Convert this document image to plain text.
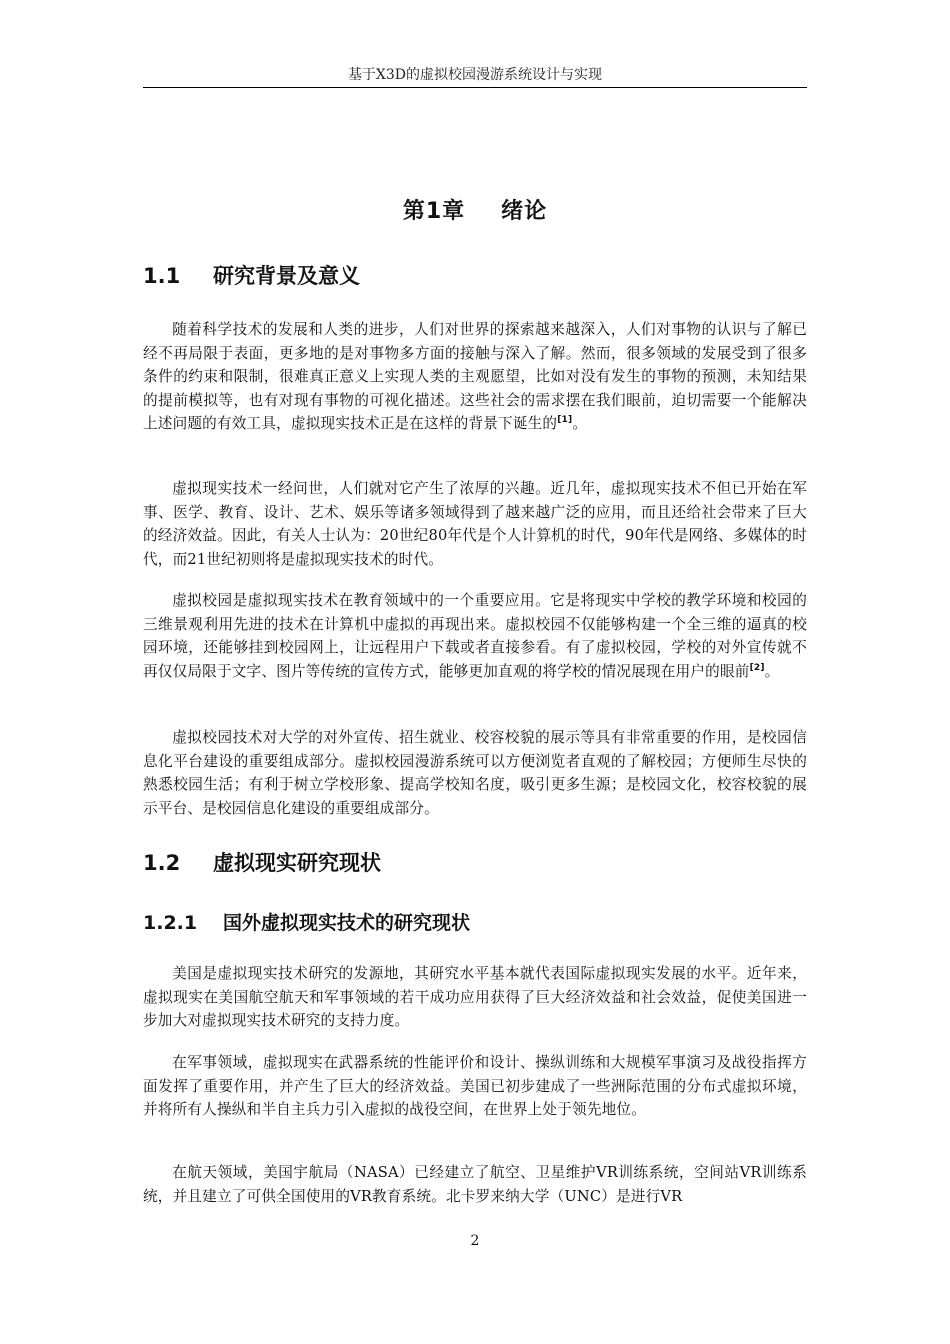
基于X3D的虚拟校园漫游系统设计与实现
第1章 绪论
1.1 研究背景及意义

随着科学技术的发展和人类的进步，人们对世界的探索越来越深入，人们对事物的认识与了解已经不再局限于表面，更多地的是对事物多方面的接触与深入了解。然而，很多领域的发展受到了很多条件的约束和限制，很难真正意义上实现人类的主观愿望，比如对没有发生的事物的预测，未知结果的提前模拟等，也有对现有事物的可视化描述。这些社会的需求摆在我们眼前，迫切需要一个能解决上述问题的有效工具，虚拟现实技术正是在这样的背景下诞生的[1]。

虚拟现实技术一经问世，人们就对它产生了浓厚的兴趣。近几年，虚拟现实技术不但已开始在军事、医学、教育、设计、艺术、娱乐等诸多领域得到了越来越广泛的应用，而且还给社会带来了巨大的经济效益。因此，有关人士认为：20世纪80年代是个人计算机的时代，90年代是网络、多媒体的时代，而21世纪初则将是虚拟现实技术的时代。

虚拟校园是虚拟现实技术在教育领域中的一个重要应用。它是将现实中学校的教学环境和校园的三维景观利用先进的技术在计算机中虚拟的再现出来。虚拟校园不仅能够构建一个全三维的逼真的校园环境，还能够挂到校园网上，让远程用户下载或者直接参看。有了虚拟校园，学校的对外宣传就不再仅仅局限于文字、图片等传统的宣传方式，能够更加直观的将学校的情况展现在用户的眼前[2]。

虚拟校园技术对大学的对外宣传、招生就业、校容校貌的展示等具有非常重要的作用，是校园信息化平台建设的重要组成部分。虚拟校园漫游系统可以方便浏览者直观的了解校园；方便师生尽快的熟悉校园生活；有利于树立学校形象、提高学校知名度，吸引更多生源；是校园文化，校容校貌的展示平台、是校园信息化建设的重要组成部分。

1.2 虚拟现实研究现状
1.2.1 国外虚拟现实技术的研究现状

美国是虚拟现实技术研究的发源地，其研究水平基本就代表国际虚拟现实发展的水平。近年来，虚拟现实在美国航空航天和军事领域的若干成功应用获得了巨大经济效益和社会效益，促使美国进一步加大对虚拟现实技术研究的支持力度。

在军事领域，虚拟现实在武器系统的性能评价和设计、操纵训练和大规模军事演习及战役指挥方面发挥了重要作用，并产生了巨大的经济效益。美国已初步建成了一些洲际范围的分布式虚拟环境，并将所有人操纵和半自主兵力引入虚拟的战役空间，在世界上处于领先地位。

在航天领域，美国宇航局（NASA）已经建立了航空、卫星维护VR训练系统，空间站VR训练系统，并且建立了可供全国使用的VR教育系统。北卡罗来纳大学（UNC）是进行VR

2
